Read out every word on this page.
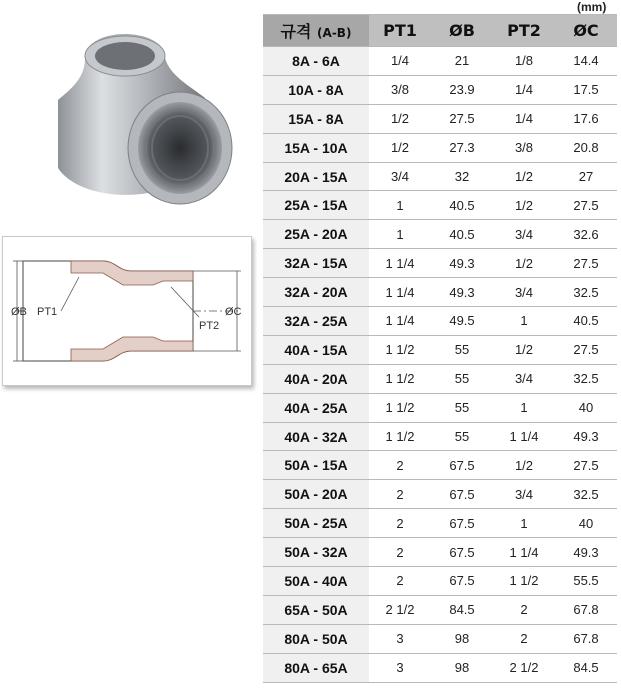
(mm)
ØB PT1
PT2
ØC
규격 (A-B)	PT1	ØB	PT2	ØC
8A - 6A	1/4	21	1/8	14.4
10A - 8A	3/8	23.9	1/4	17.5
15A - 8A	1/2	27.5	1/4	17.6
15A - 10A	1/2	27.3	3/8	20.8
20A - 15A	3/4	32	1/2	27
25A - 15A	1	40.5	1/2	27.5
25A - 20A	1	40.5	3/4	32.6
32A - 15A	1 1/4	49.3	1/2	27.5
32A - 20A	1 1/4	49.3	3/4	32.5
32A - 25A	1 1/4	49.5	1	40.5
40A - 15A	1 1/2	55	1/2	27.5
40A - 20A	1 1/2	55	3/4	32.5
40A - 25A	1 1/2	55	1	40
40A - 32A	1 1/2	55	1 1/4	49.3
50A - 15A	2	67.5	1/2	27.5
50A - 20A	2	67.5	3/4	32.5
50A - 25A	2	67.5	1	40
50A - 32A	2	67.5	1 1/4	49.3
50A - 40A	2	67.5	1 1/2	55.5
65A - 50A	2 1/2	84.5	2	67.8
80A - 50A	3	98	2	67.8
80A - 65A	3	98	2 1/2	84.5
